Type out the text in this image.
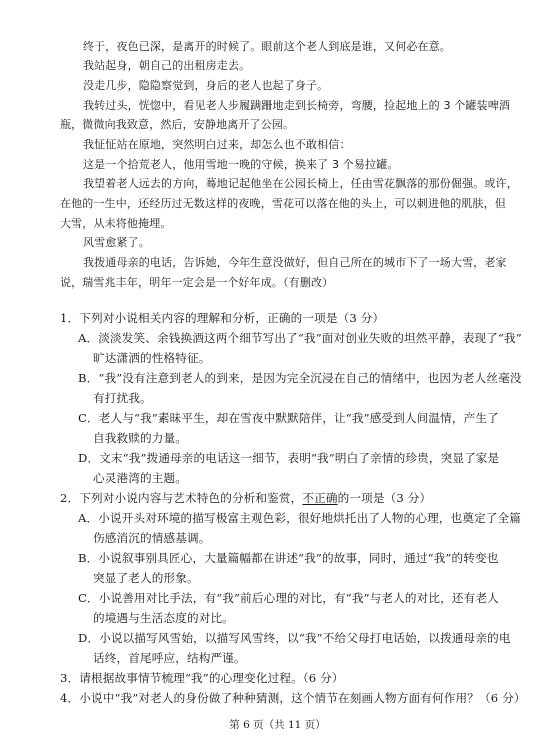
终于，夜色已深，是离开的时候了。眼前这个老人到底是谁，又何必在意。
我站起身，朝自己的出租房走去。
没走几步，隐隐察觉到，身后的老人也起了身子。
我转过头，恍惚中，看见老人步履蹒跚地走到长椅旁，弯腰，捡起地上的 3 个罐装啤酒
瓶，微微向我致意，然后，安静地离开了公园。
我怔怔站在原地，突然明白过来，却怎么也不敢相信：
这是一个拾荒老人，他用雪地一晚的守候，换来了 3 个易拉罐。
我望着老人远去的方向，蓦地记起他坐在公园长椅上，任由雪花飘落的那份倔强。或许，
在他的一生中，还经历过无数这样的夜晚，雪花可以落在他的头上，可以刺进他的肌肤，但
大雪，从未将他掩埋。
风雪愈紧了。
我拨通母亲的电话，告诉她，今年生意没做好，但自己所在的城市下了一场大雪，老家
说，瑞雪兆丰年，明年一定会是一个好年成。（有删改）
1．下列对小说相关内容的理解和分析，正确的一项是（3 分）
A．淡淡发笑、余钱换酒这两个细节写出了“我”面对创业失败的坦然平静，表现了“我”
旷达潇洒的性格特征。
B．“我”没有注意到老人的到来，是因为完全沉浸在自己的情绪中，也因为老人丝毫没
有打扰我。
C．老人与“我”素昧平生，却在雪夜中默默陪伴，让“我”感受到人间温情，产生了
自我救赎的力量。
D．文末“我”拨通母亲的电话这一细节，表明“我”明白了亲情的珍贵，突显了家是
心灵港湾的主题。
2．下列对小说内容与艺术特色的分析和鉴赏，不正确的一项是（3 分）
A．小说开头对环境的描写极富主观色彩，很好地烘托出了人物的心理，也奠定了全篇
伤感消沉的情感基调。
B．小说叙事别具匠心，大量篇幅都在讲述“我”的故事，同时，通过“我”的转变也
突显了老人的形象。
C．小说善用对比手法，有“我”前后心理的对比，有“我”与老人的对比，还有老人
的境遇与生活态度的对比。
D．小说以描写风雪始，以描写风雪终，以“我”不给父母打电话始，以拨通母亲的电
话终，首尾呼应，结构严谨。
3．请根据故事情节梳理“我”的心理变化过程。（6 分）
4．小说中“我”对老人的身份做了种种猜测，这个情节在刻画人物方面有何作用？（6 分）
第 6 页（共 11 页）
